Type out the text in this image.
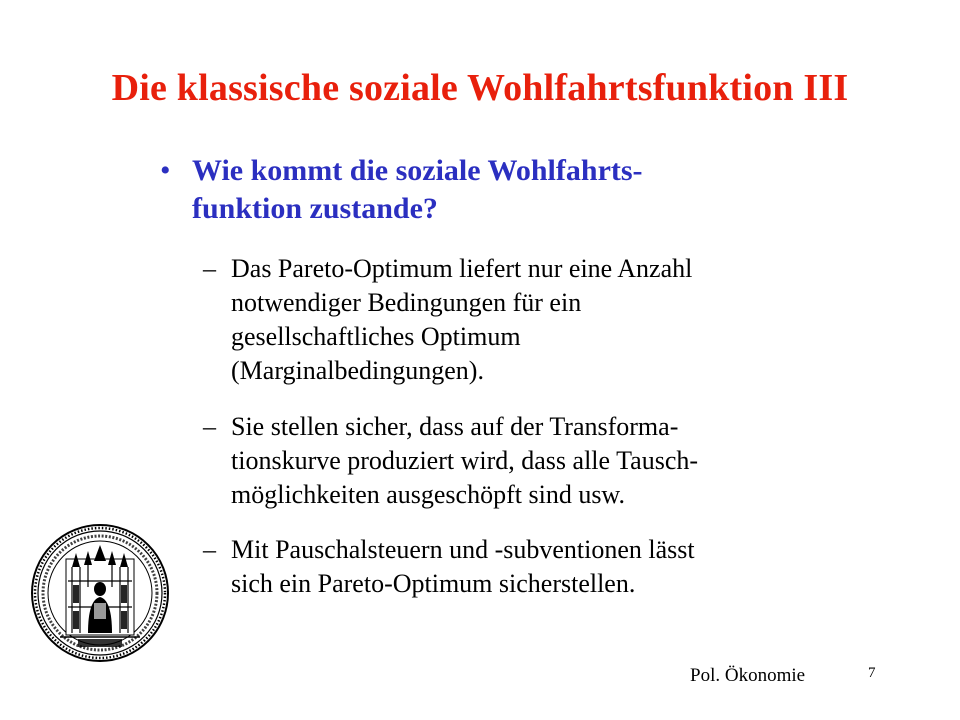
Die klassische soziale Wohlfahrtsfunktion III
• Wie kommt die soziale Wohlfahrts-
funktion zustande?
– Das Pareto-Optimum liefert nur eine Anzahl
notwendiger Bedingungen für ein
gesellschaftliches Optimum
(Marginalbedingungen).
– Sie stellen sicher, dass auf der Transforma-
tionskurve produziert wird, dass alle Tausch-
möglichkeiten ausgeschöpft sind usw.
– Mit Pauschalsteuern und -subventionen lässt
sich ein Pareto-Optimum sicherstellen.
Pol. Ökonomie	7
